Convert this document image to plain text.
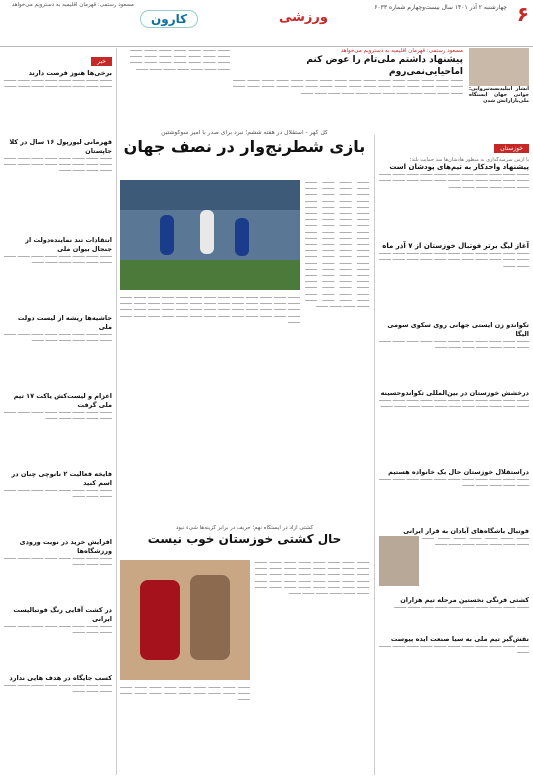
۶
چهارشنبه ۲ آذر ۱۴۰۱ سال بیست‌وچهارم شماره ۶۰۳۳
ورزشی
کارون
مسعود رستمی: قهرمان اقلیمیه به دسترویم می‌خواهد
انشار ابیلیدیسه‌تپرواپی: جوانی جهان ایستگاه ملی‌بازارانش شدن
مسعود رستمی: قهرمان اقلیمیه به دسترویم می‌خواهد
پیشنهاد داشتم ملی‌تام را عوض کنم اماحیایی‌نمی‌روم
──── ──── ──── ──── ──── ──── ──── ──── ──── ──── ──── ──── ──── ──── ──── ──── ──── ──── ──── ──── ──── ──── ──── ──── ──── ──── ──── ──── ──── ──── ──── ──── ──── ──── ──── ──── ──── ──── ──── ──── ──── ──── ──── ────
──── ──── ──── ──── ──── ──── ──── ──── ──── ──── ──── ──── ──── ──── ──── ──── ──── ──── ──── ──── ──── ──── ──── ──── ──── ──── ──── ────
خوزستان
با آزمن سرمیه‌گذاری به منظور هادشان‌ها سد حمایت بلند؛
پیشنهاد واحدکار به تیم‌های پودشان است
──── ──── ──── ──── ──── ──── ──── ──── ──── ──── ──── ──── ──── ──── ──── ──── ──── ──── ──── ──── ──── ──── ──── ──── ──── ──── ──── ────
آغاز لیگ برتر فوتبال خوزستان از ۷ آذر ماه
──── ──── ──── ──── ──── ──── ──── ──── ──── ──── ──── ──── ──── ──── ──── ──── ──── ──── ──── ──── ──── ──── ──── ────
تکواندو زن ایستی جهانی روی سکوی سومی الیگا
──── ──── ──── ──── ──── ──── ──── ──── ──── ──── ──── ──── ──── ──── ──── ──── ──── ────
درخشش خوزستان در بین‌المللی تکواندو‌حسینه
──── ──── ──── ──── ──── ──── ──── ──── ──── ──── ──── ──── ──── ──── ──── ──── ──── ──── ──── ──── ──── ────
دراستقلال خوزستان حال بک خانواده هستیم
──── ──── ──── ──── ──── ──── ──── ──── ──── ──── ──── ──── ──── ──── ──── ────
فوتبال باشگاه‌های آبادان به قرار ایرانی
──── ──── ──── ──── ──── ──── ──── ──── ──── ──── ──── ──── ──── ────
کشتی فرنگی نخستین مرحله تیم هزاران
──── ──── ──── ──── ──── ──── ──── ──── ──── ────
نقش‌گیر تیم ملی به سیا صنعت ایده پیوست
──── ──── ──── ──── ──── ──── ──── ──── ──── ──── ──── ────
گل گهر - استقلال در هفته ششم؛ نبرد برای صدر با امیر سوکوشتین
بازی شطرنج‌وار در نصف جهان
──── ──── ──── ──── ──── ──── ──── ──── ──── ──── ──── ──── ──── ──── ──── ──── ──── ──── ──── ──── ──── ──── ──── ──── ──── ──── ──── ──── ──── ──── ──── ──── ──── ──── ──── ──── ──── ──── ──── ──── ──── ──── ──── ──── ──── ──── ──── ──── ──── ──── ──── ──── ──── ──── ──── ──── ──── ──── ──── ──── ──── ──── ──── ──── ──── ──── ──── ──── ──── ──── ──── ──── ──── ──── ──── ──── ──── ──── ──── ──── ──── ──── ──── ────
──── ──── ──── ──── ──── ──── ──── ──── ──── ──── ──── ──── ──── ──── ──── ──── ──── ──── ──── ──── ──── ──── ──── ──── ──── ──── ──── ──── ──── ──── ──── ──── ──── ──── ──── ──── ──── ──── ──── ──── ──── ──── ──── ──── ──── ──── ──── ──── ──── ──── ──── ──── ────
کشتی آزاد در ایستگاه نهم؛ حریف در برابر گزینه‌ها شیء نبود
حال کشتی خوزستان خوب نیست
──── ──── ──── ──── ──── ──── ──── ──── ──── ──── ──── ──── ──── ──── ──── ──── ──── ──── ──── ──── ──── ──── ──── ──── ──── ──── ──── ──── ──── ──── ──── ──── ──── ──── ──── ──── ──── ──── ──── ──── ──── ──── ──── ──── ──── ────
──── ──── ──── ──── ──── ──── ──── ──── ──── ──── ──── ──── ──── ──── ──── ──── ──── ──── ────
خبر
برخی‌ها هنوز فرصت دارند
──── ──── ──── ──── ──── ──── ──── ──── ──── ──── ──── ──── ──── ──── ──── ────
قهرمانی لیورپول ۱۶ سال در کلا جاپستان
──── ──── ──── ──── ──── ──── ──── ──── ──── ──── ──── ──── ──── ──── ──── ──── ──── ──── ──── ────
انتقادات تند نماینده‌دولت از جنجال بیوان ملی
──── ──── ──── ──── ──── ──── ──── ──── ──── ──── ──── ──── ──── ────
حاشیه‌ها ریشه از لیست دولت ملی
──── ──── ──── ──── ──── ──── ──── ──── ──── ──── ──── ──── ──── ────
اعزام و لیست‌کش یاکت ۱۷ تیم ملی گرفت
──── ──── ──── ──── ──── ──── ──── ──── ──── ──── ──── ──── ────
فایخه فعالیت ۲ نانوچی چنان در اسم کنید
──── ──── ──── ──── ──── ──── ──── ──── ──── ──── ────
افزایش خرید در نوبت ورودی ورزشگاه‌ها
──── ──── ──── ──── ──── ──── ──── ──── ──── ──── ────
در کشت آقایی رنگ فوتبالیست ایرانی
──── ──── ──── ──── ──── ──── ──── ──── ──── ──── ────
کسب جایگاه در هدف هایی ندارد
──── ──── ──── ──── ──── ──── ──── ──── ──── ──── ────
